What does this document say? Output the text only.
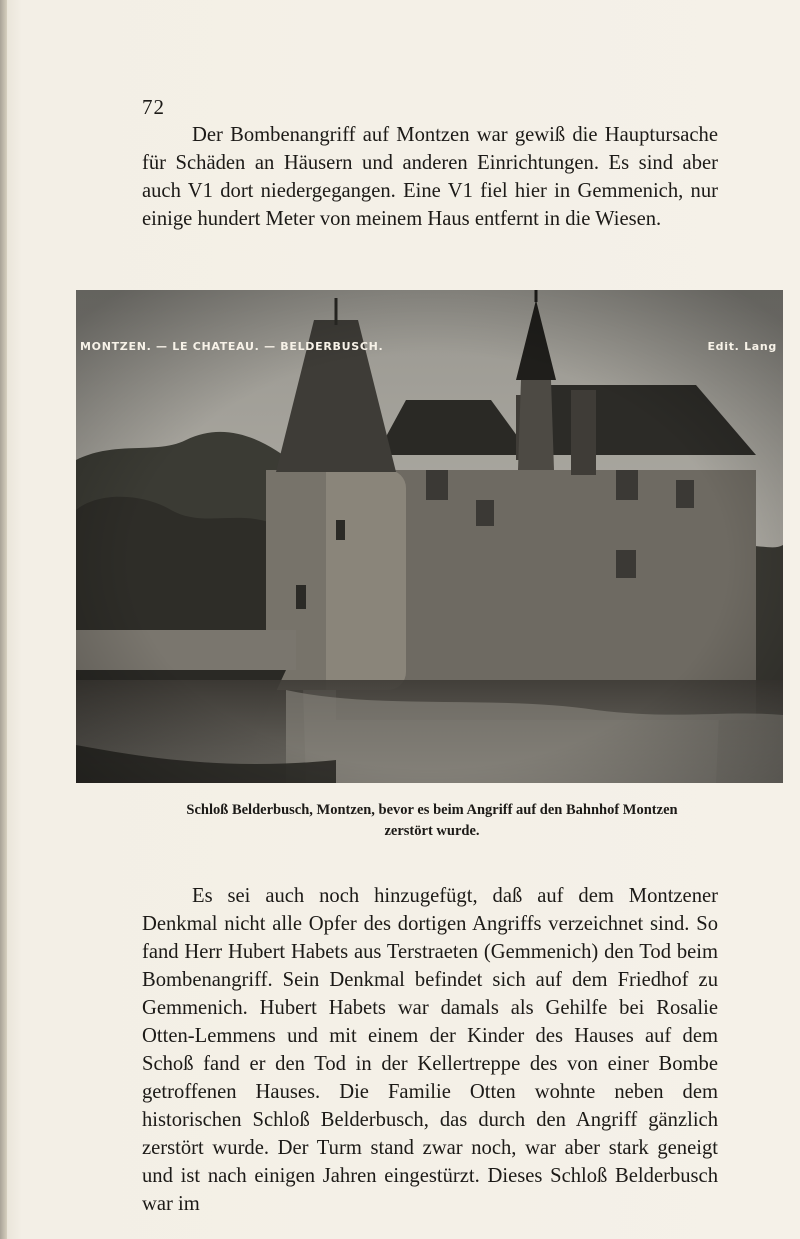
72

Der Bombenangriff auf Montzen war gewiß die Hauptursache für Schäden an Häusern und anderen Einrichtungen. Es sind aber auch V1 dort niedergegangen. Eine V1 fiel hier in Gemmenich, nur einige hundert Meter von meinem Haus entfernt in die Wiesen.

MONTZEN. — LE CHATEAU. — BELDERBUSCH.	Edit. Lang
Schloß Belderbusch, Montzen, bevor es beim Angriff auf den Bahnhof Montzen
zerstört wurde.

Es sei auch noch hinzugefügt, daß auf dem Montzener Denkmal nicht alle Opfer des dortigen Angriffs verzeichnet sind. So fand Herr Hubert Habets aus Terstraeten (Gemmenich) den Tod beim Bombenangriff. Sein Denkmal befindet sich auf dem Friedhof zu Gemmenich. Hubert Habets war damals als Gehilfe bei Rosalie Otten-Lemmens und mit einem der Kinder des Hauses auf dem Schoß fand er den Tod in der Kellertreppe des von einer Bombe getroffenen Hauses. Die Familie Otten wohnte neben dem historischen Schloß Belderbusch, das durch den Angriff gänzlich zerstört wurde. Der Turm stand zwar noch, war aber stark geneigt und ist nach einigen Jahren eingestürzt. Dieses Schloß Belderbusch war im
